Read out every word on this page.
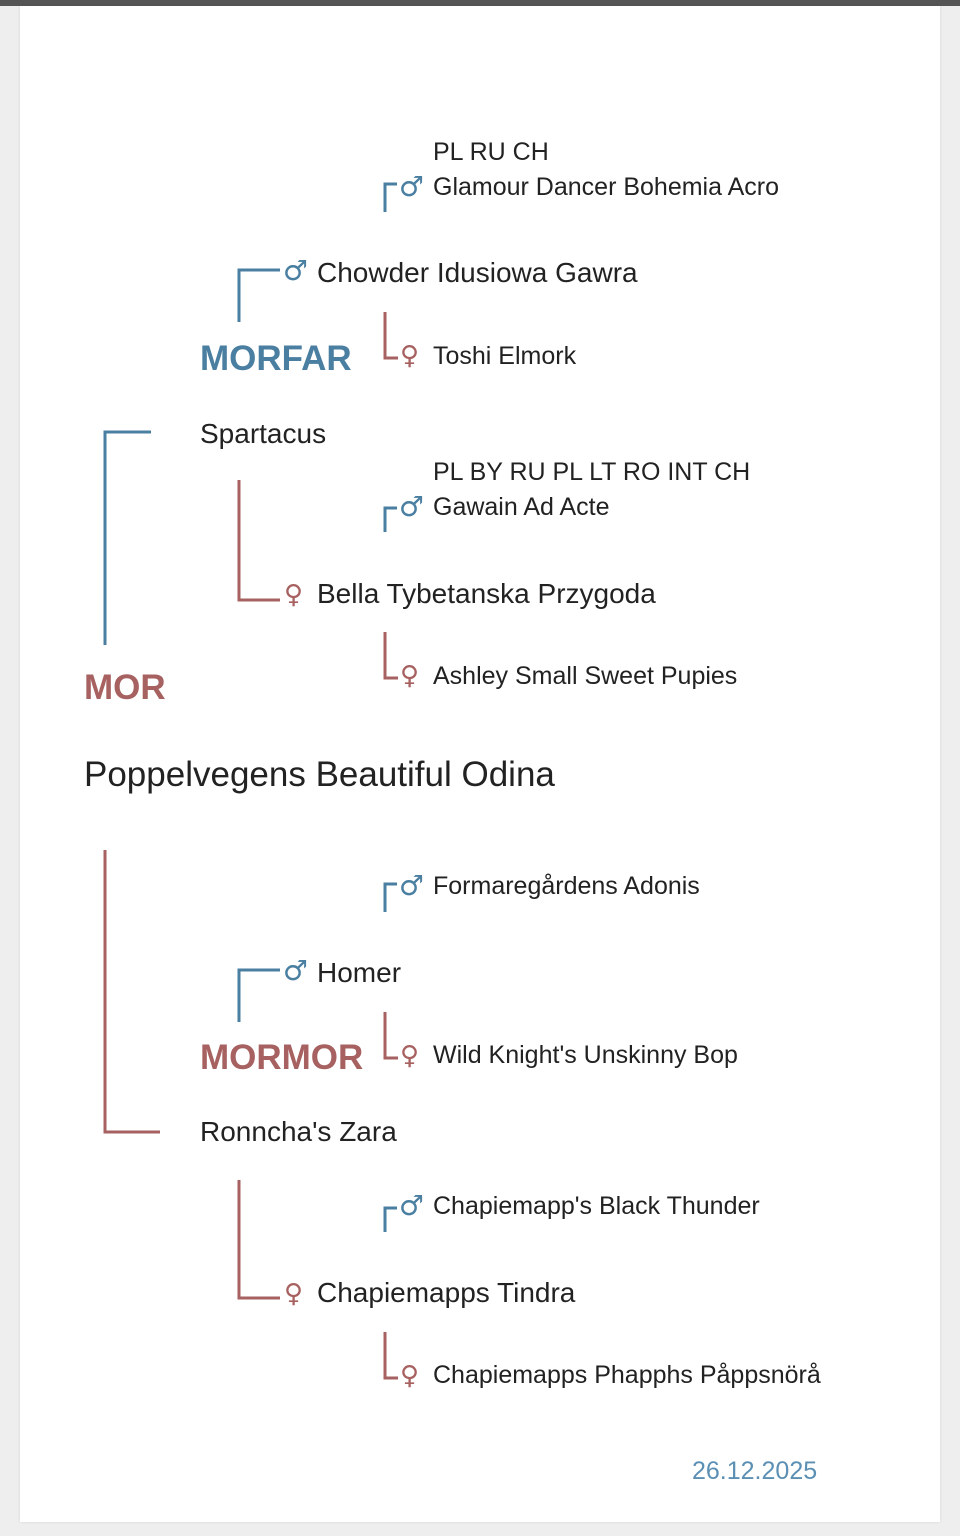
PL RU CH
♂ Glamour Dancer Bohemia Acro
♂ Chowder Idusiowa Gawra
MORFAR ♀ Toshi Elmork
Spartacus
PL BY RU PL LT RO INT CH
♂ Gawain Ad Acte
♀ Bella Tybetanska Przygoda
MOR	♀ Ashley Small Sweet Pupies
Poppelvegens Beautiful Odina
♂ Formaregårdens Adonis
♂ Homer
MORMOR ♀ Wild Knight's Unskinny Bop
Ronncha's Zara
♂ Chapiemapp's Black Thunder
♀ Chapiemapps Tindra
♀ Chapiemapps Phapphs Påppsnörå
26.12.2025
